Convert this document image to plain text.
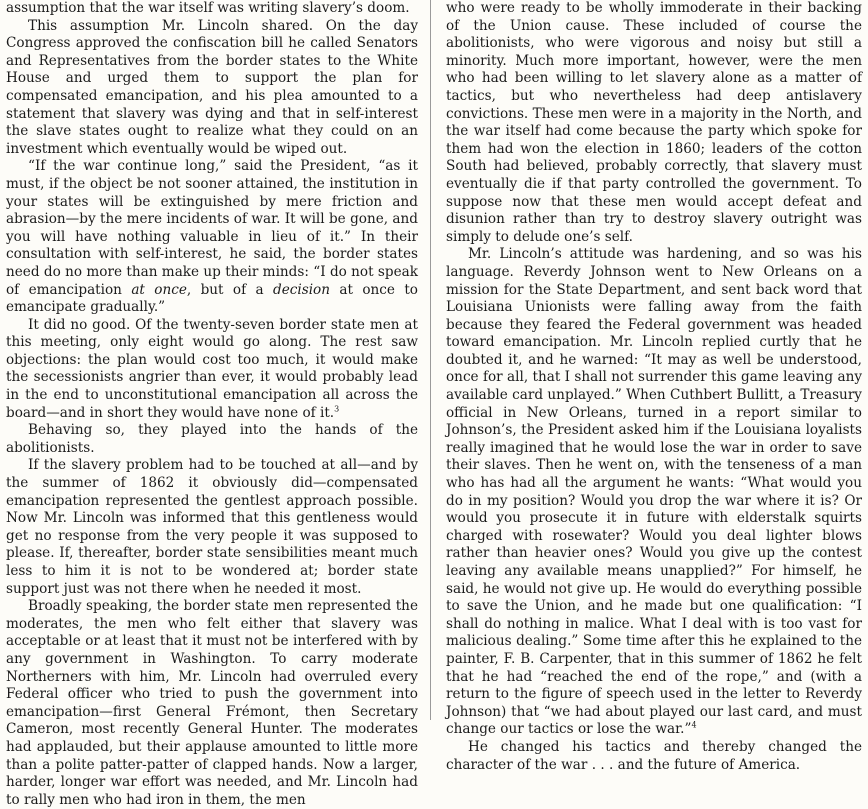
assumption that the war itself was writing slavery’s doom.

This assumption Mr. Lincoln shared. On the day Congress approved the confiscation bill he called Senators and Representatives from the border states to the White House and urged them to support the plan for compensated emancipation, and his plea amounted to a statement that slavery was dying and that in self-interest the slave states ought to realize what they could on an investment which eventually would be wiped out.

“If the war continue long,” said the President, “as it must, if the object be not sooner attained, the institution in your states will be extinguished by mere friction and abrasion—by the mere incidents of war. It will be gone, and you will have nothing valuable in lieu of it.” In their consultation with self-interest, he said, the border states need do no more than make up their minds: “I do not speak of emancipation at once, but of a decision at once to emancipate gradually.”

It did no good. Of the twenty-seven border state men at this meeting, only eight would go along. The rest saw objections: the plan would cost too much, it would make the secessionists angrier than ever, it would probably lead in the end to unconstitutional emancipation all across the board—and in short they would have none of it.$^3$

Behaving so, they played into the hands of the abolitionists.

If the slavery problem had to be touched at all—and by the summer of 1862 it obviously did—compensated emancipation represented the gentlest approach possible. Now Mr. Lincoln was informed that this gentleness would get no response from the very people it was supposed to please. If, thereafter, border state sensibilities meant much less to him it is not to be wondered at; border state support just was not there when he needed it most.

Broadly speaking, the border state men represented the moderates, the men who felt either that slavery was acceptable or at least that it must not be interfered with by any government in Washington. To carry moderate Northerners with him, Mr. Lincoln had overruled every Federal officer who tried to push the government into emancipation—first General Frémont, then Secretary Cameron, most recently General Hunter. The moderates had applauded, but their applause amounted to little more than a polite patter-patter of clapped hands. Now a larger, harder, longer war effort was needed, and Mr. Lincoln had to rally men who had iron in them, the men

who were ready to be wholly immoderate in their backing of the Union cause. These included of course the abolitionists, who were vigorous and noisy but still a minority. Much more important, however, were the men who had been willing to let slavery alone as a matter of tactics, but who nevertheless had deep antislavery convictions. These men were in a majority in the North, and the war itself had come because the party which spoke for them had won the election in 1860; leaders of the cotton South had believed, probably correctly, that slavery must eventually die if that party controlled the government. To suppose now that these men would accept defeat and disunion rather than try to destroy slavery outright was simply to delude one’s self.

Mr. Lincoln’s attitude was hardening, and so was his language. Reverdy Johnson went to New Orleans on a mission for the State Department, and sent back word that Louisiana Unionists were falling away from the faith because they feared the Federal government was headed toward emancipation. Mr. Lincoln replied curtly that he doubted it, and he warned: “It may as well be understood, once for all, that I shall not surrender this game leaving any available card unplayed.” When Cuthbert Bullitt, a Treasury official in New Orleans, turned in a report similar to Johnson’s, the President asked him if the Louisiana loyalists really imagined that he would lose the war in order to save their slaves. Then he went on, with the tenseness of a man who has had all the argument he wants: “What would you do in my position? Would you drop the war where it is? Or would you prosecute it in future with elderstalk squirts charged with rosewater? Would you deal lighter blows rather than heavier ones? Would you give up the contest leaving any available means unapplied?” For himself, he said, he would not give up. He would do everything possible to save the Union, and he made but one qualification: “I shall do nothing in malice. What I deal with is too vast for malicious dealing.” Some time after this he explained to the painter, F. B. Carpenter, that in this summer of 1862 he felt that he had “reached the end of the rope,” and (with a return to the figure of speech used in the letter to Reverdy Johnson) that “we had about played our last card, and must change our tactics or lose the war.”$^4$

He changed his tactics and thereby changed the character of the war . . . and the future of America.
